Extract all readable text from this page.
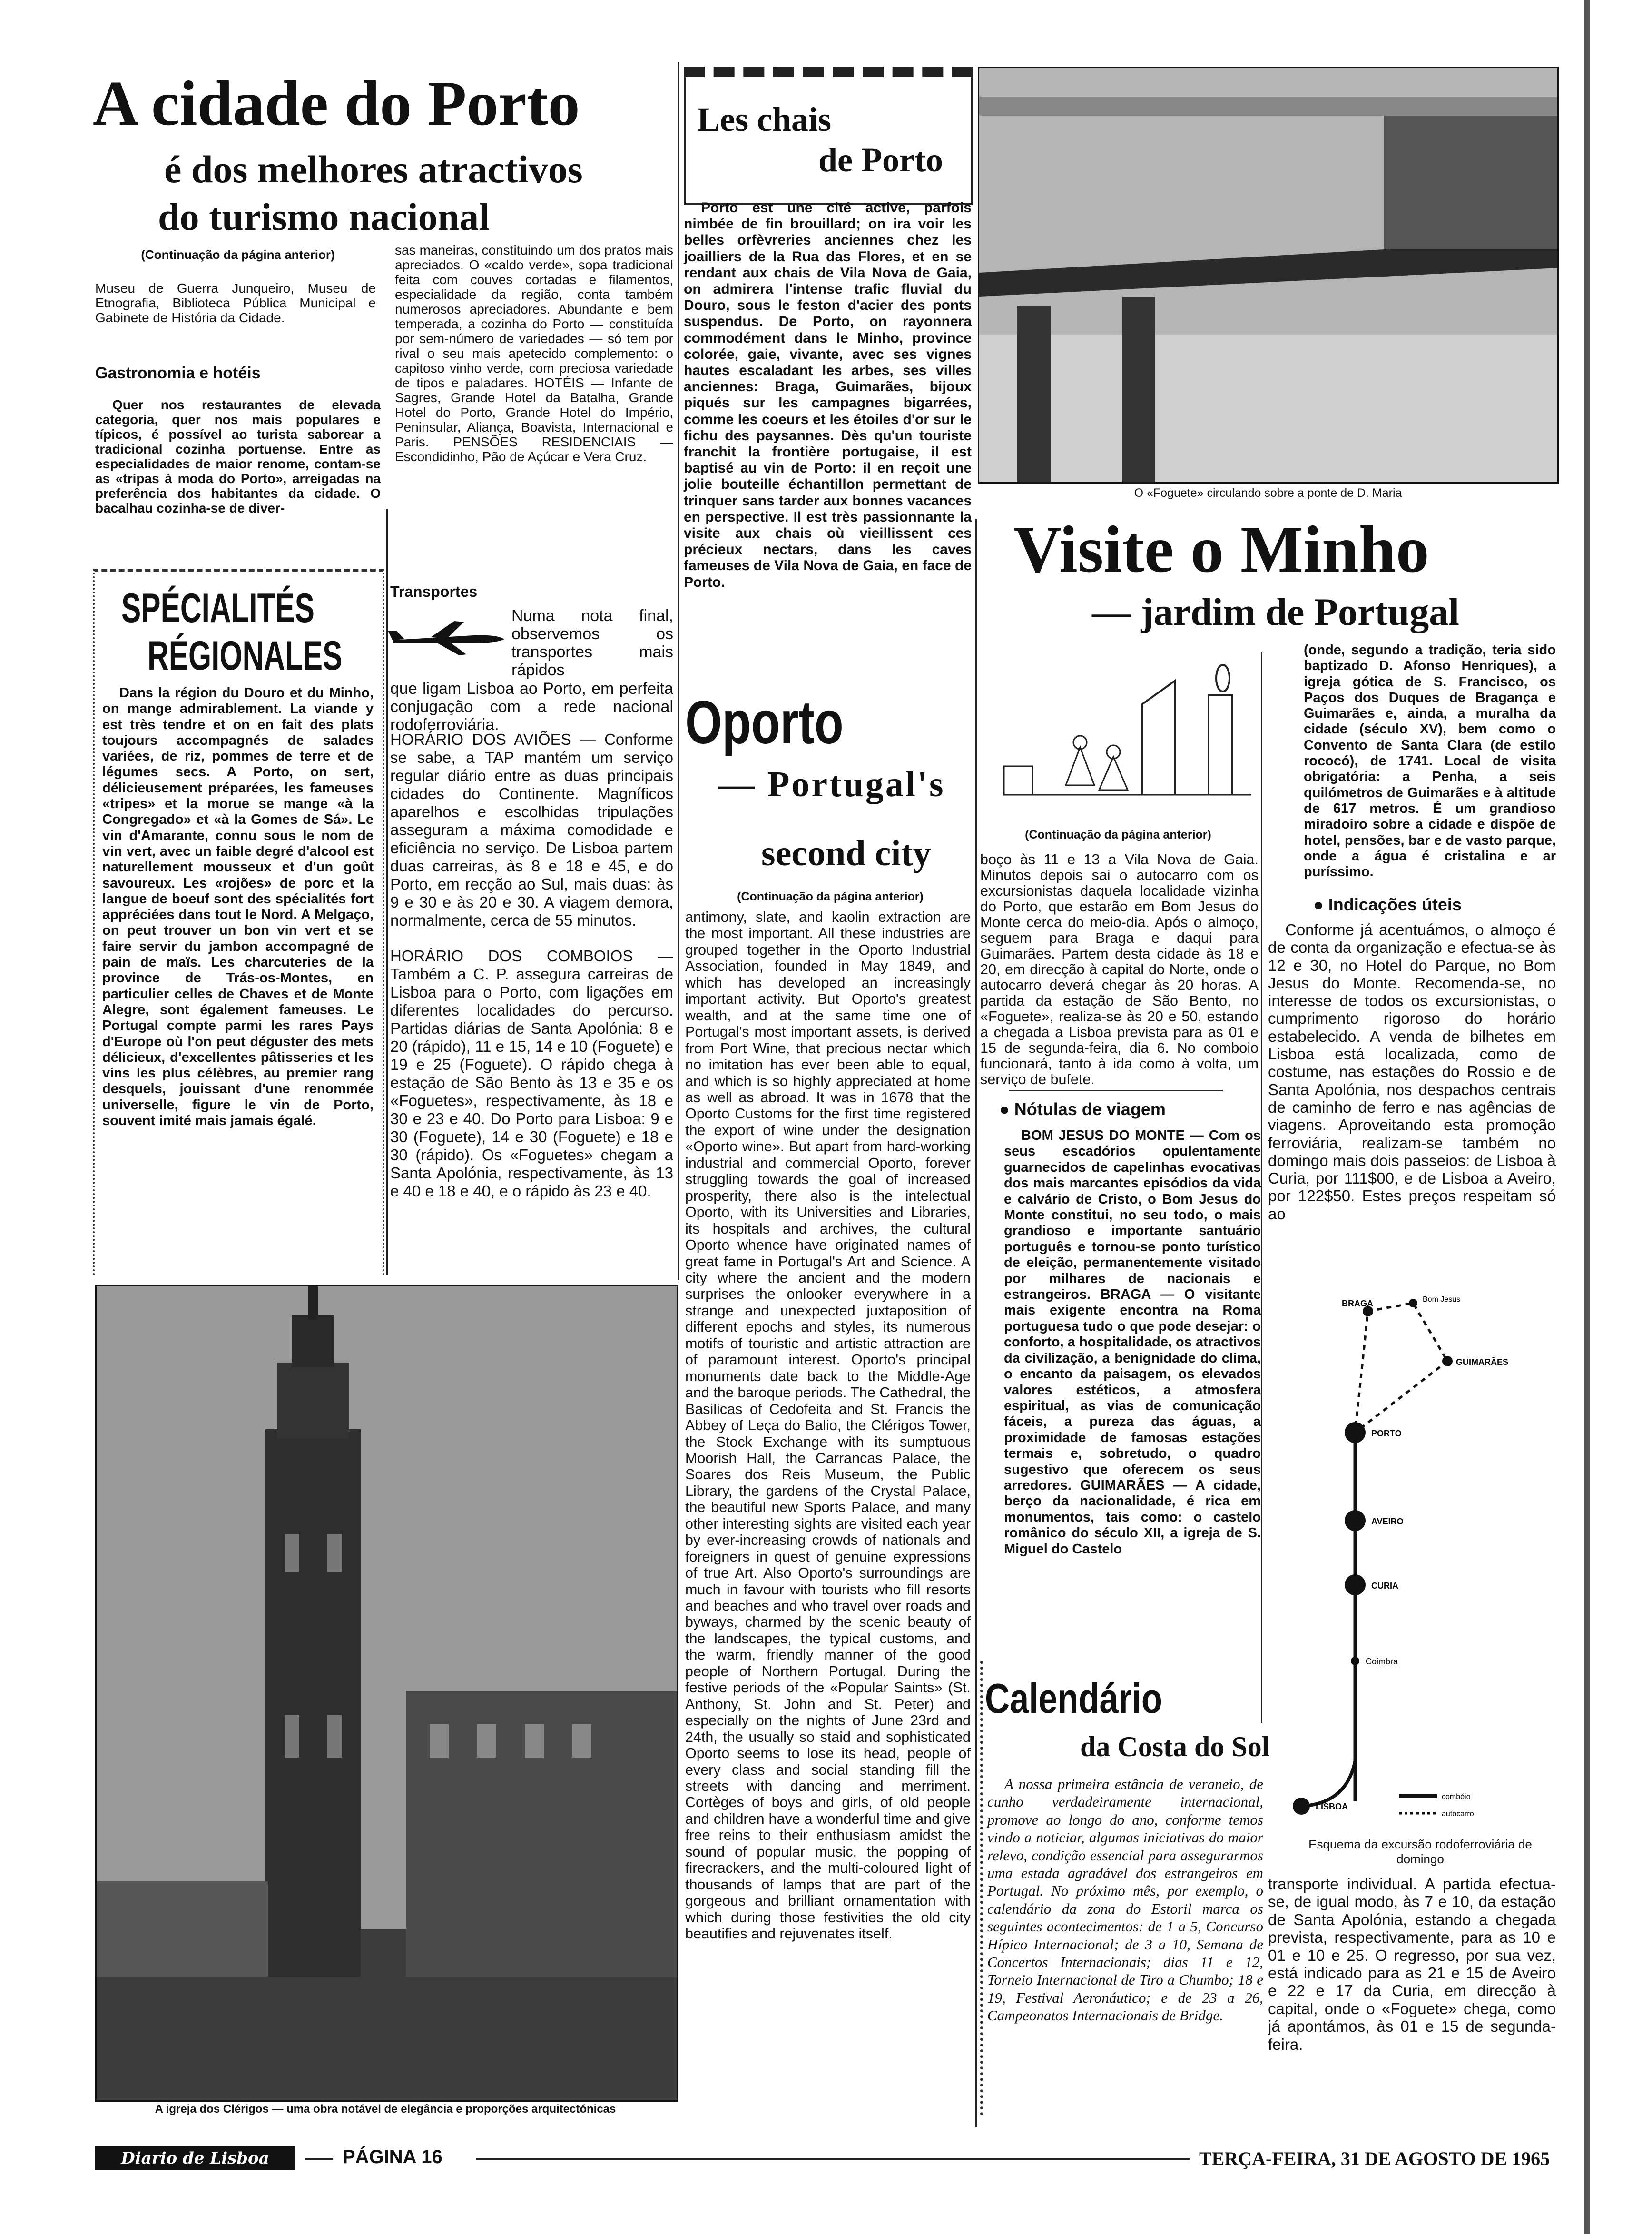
A cidade do Porto
é dos melhores atractivos
do turismo nacional
(Continuação da página anterior)
Museu de Guerra Junqueiro, Museu de Etnografia, Biblioteca Pública Municipal e Gabinete de História da Cidade.
Gastronomia e hotéis
Quer nos restaurantes de elevada categoria, quer nos mais populares e típicos, é possível ao turista saborear a tradicional cozinha portuense. Entre as especialidades de maior renome, contam-se as «tripas à moda do Porto», arreigadas na preferência dos habitantes da cidade. O bacalhau cozinha-se de diver-
sas maneiras, constituindo um dos pratos mais apreciados. O «caldo verde», sopa tradicional feita com couves cortadas e filamentos, especialidade da região, conta também numerosos apreciadores. Abundante e bem temperada, a cozinha do Porto — constituída por sem-número de variedades — só tem por rival o seu mais apetecido complemento: o capitoso vinho verde, com preciosa variedade de tipos e paladares. HOTÉIS — Infante de Sagres, Grande Hotel da Batalha, Grande Hotel do Porto, Grande Hotel do Império, Peninsular, Aliança, Boavista, Internacional e Paris. PENSÕES RESIDENCIAIS — Escondidinho, Pão de Açúcar e Vera Cruz.
Transportes
Numa nota final, observemos os transportes mais rápidos
que ligam Lisboa ao Porto, em perfeita conjugação com a rede nacional rodoferroviária.
HORÁRIO DOS AVIÕES — Conforme se sabe, a TAP mantém um serviço regular diário entre as duas principais cidades do Continente. Magníficos aparelhos e escolhidas tripulações asseguram a máxima comodidade e eficiência no serviço. De Lisboa partem duas carreiras, às 8 e 18 e 45, e do Porto, em recção ao Sul, mais duas: às 9 e 30 e às 20 e 30. A viagem demora, normalmente, cerca de 55 minutos.
HORÁRIO DOS COMBOIOS — Também a C. P. assegura carreiras de Lisboa para o Porto, com ligações em diferentes localidades do percurso. Partidas diárias de Santa Apolónia: 8 e 20 (rápido), 11 e 15, 14 e 10 (Foguete) e 19 e 25 (Foguete). O rápido chega à estação de São Bento às 13 e 35 e os «Foguetes», respectivamente, às 18 e 30 e 23 e 40. Do Porto para Lisboa: 9 e 30 (Foguete), 14 e 30 (Foguete) e 18 e 30 (rápido). Os «Foguetes» chegam a Santa Apolónia, respectivamente, às 13 e 40 e 18 e 40, e o rápido às 23 e 40.
SPÉCIALITÉS
RÉGIONALES
Dans la région du Douro et du Minho, on mange admirablement. La viande y est très tendre et on en fait des plats toujours accompagnés de salades variées, de riz, pommes de terre et de légumes secs. A Porto, on sert, délicieusement préparées, les fameuses «tripes» et la morue se mange «à la Congregado» et «à la Gomes de Sá». Le vin d'Amarante, connu sous le nom de vin vert, avec un faible degré d'alcool est naturellement mousseux et d'un goût savoureux. Les «rojões» de porc et la langue de boeuf sont des spécialités fort appréciées dans tout le Nord. A Melgaço, on peut trouver un bon vin vert et se faire servir du jambon accompagné de pain de maïs. Les charcuteries de la province de Trás-os-Montes, en particulier celles de Chaves et de Monte Alegre, sont également fameuses. Le Portugal compte parmi les rares Pays d'Europe où l'on peut déguster des mets délicieux, d'excellentes pâtisseries et les vins les plus célèbres, au premier rang desquels, jouissant d'une renommée universelle, figure le vin de Porto, souvent imité mais jamais égalé.
Les chais
de Porto
Porto est une cité active, parfois nimbée de fin brouillard; on ira voir les belles orfèvreries anciennes chez les joailliers de la Rua das Flores, et en se rendant aux chais de Vila Nova de Gaia, on admirera l'intense trafic fluvial du Douro, sous le feston d'acier des ponts suspendus. De Porto, on rayonnera commodément dans le Minho, province colorée, gaie, vivante, avec ses vignes hautes escaladant les arbes, ses villes anciennes: Braga, Guimarães, bijoux piqués sur les campagnes bigarrées, comme les coeurs et les étoiles d'or sur le fichu des paysannes. Dès qu'un touriste franchit la frontière portugaise, il est baptisé au vin de Porto: il en reçoit une jolie bouteille échantillon permettant de trinquer sans tarder aux bonnes vacances en perspective. Il est très passionnante la visite aux chais où vieillissent ces précieux nectars, dans les caves fameuses de Vila Nova de Gaia, en face de Porto.
Oporto
— Portugal's
second city
(Continuação da página anterior)
antimony, slate, and kaolin extraction are the most important. All these industries are grouped together in the Oporto Industrial Association, founded in May 1849, and which has developed an increasingly important activity. But Oporto's greatest wealth, and at the same time one of Portugal's most important assets, is derived from Port Wine, that precious nectar which no imitation has ever been able to equal, and which is so highly appreciated at home as well as abroad. It was in 1678 that the Oporto Customs for the first time registered the export of wine under the designation «Oporto wine». But apart from hard-working industrial and commercial Oporto, forever struggling towards the goal of increased prosperity, there also is the intelectual Oporto, with its Universities and Libraries, its hospitals and archives, the cultural Oporto whence have originated names of great fame in Portugal's Art and Science. A city where the ancient and the modern surprises the onlooker everywhere in a strange and unexpected juxtaposition of different epochs and styles, its numerous motifs of touristic and artistic attraction are of paramount interest. Oporto's principal monuments date back to the Middle-Age and the baroque periods. The Cathedral, the Basilicas of Cedofeita and St. Francis the Abbey of Leça do Balio, the Clérigos Tower, the Stock Exchange with its sumptuous Moorish Hall, the Carrancas Palace, the Soares dos Reis Museum, the Public Library, the gardens of the Crystal Palace, the beautiful new Sports Palace, and many other interesting sights are visited each year by ever-increasing crowds of nationals and foreigners in quest of genuine expressions of true Art. Also Oporto's surroundings are much in favour with tourists who fill resorts and beaches and who travel over roads and byways, charmed by the scenic beauty of the landscapes, the typical customs, and the warm, friendly manner of the good people of Northern Portugal. During the festive periods of the «Popular Saints» (St. Anthony, St. John and St. Peter) and especially on the nights of June 23rd and 24th, the usually so staid and sophisticated Oporto seems to lose its head, people of every class and social standing fill the streets with dancing and merriment. Cortèges of boys and girls, of old people and children have a wonderful time and give free reins to their enthusiasm amidst the sound of popular music, the popping of firecrackers, and the multi-coloured light of thousands of lamps that are part of the gorgeous and brilliant ornamentation with which during those festivities the old city beautifies and rejuvenates itself.
A igreja dos Clérigos — uma obra notável de elegância e proporções arquitectónicas
O «Foguete» circulando sobre a ponte de D. Maria
Visite o Minho
— jardim de Portugal
(Continuação da página anterior)
boço às 11 e 13 a Vila Nova de Gaia. Minutos depois sai o autocarro com os excursionistas daquela localidade vizinha do Porto, que estarão em Bom Jesus do Monte cerca do meio-dia. Após o almoço, seguem para Braga e daqui para Guimarães. Partem desta cidade às 18 e 20, em direcção à capital do Norte, onde o autocarro deverá chegar às 20 horas. A partida da estação de São Bento, no «Foguete», realiza-se às 20 e 50, estando a chegada a Lisboa prevista para as 01 e 15 de segunda-feira, dia 6. No comboio funcionará, tanto à ida como à volta, um serviço de bufete.
● Nótulas de viagem
BOM JESUS DO MONTE — Com os seus escadórios opulentamente guarnecidos de capelinhas evocativas dos mais marcantes episódios da vida e calvário de Cristo, o Bom Jesus do Monte constitui, no seu todo, o mais grandioso e importante santuário português e tornou-se ponto turístico de eleição, permanentemente visitado por milhares de nacionais e estrangeiros. BRAGA — O visitante mais exigente encontra na Roma portuguesa tudo o que pode desejar: o conforto, a hospitalidade, os atractivos da civilização, a benignidade do clima, o encanto da paisagem, os elevados valores estéticos, a atmosfera espiritual, as vias de comunicação fáceis, a pureza das águas, a proximidade de famosas estações termais e, sobretudo, o quadro sugestivo que oferecem os seus arredores. GUIMARÃES — A cidade, berço da nacionalidade, é rica em monumentos, tais como: o castelo românico do século XII, a igreja de S. Miguel do Castelo
(onde, segundo a tradição, teria sido baptizado D. Afonso Henriques), a igreja gótica de S. Francisco, os Paços dos Duques de Bragança e Guimarães e, ainda, a muralha da cidade (século XV), bem como o Convento de Santa Clara (de estilo rococó), de 1741. Local de visita obrigatória: a Penha, a seis quilómetros de Guimarães e à altitude de 617 metros. É um grandioso miradoiro sobre a cidade e dispõe de hotel, pensões, bar e de vasto parque, onde a água é cristalina e ar puríssimo.
● Indicações úteis
Conforme já acentuámos, o almoço é de conta da organização e efectua-se às 12 e 30, no Hotel do Parque, no Bom Jesus do Monte. Recomenda-se, no interesse de todos os excursionistas, o cumprimento rigoroso do horário estabelecido. A venda de bilhetes em Lisboa está localizada, como de costume, nas estações do Rossio e de Santa Apolónia, nos despachos centrais de caminho de ferro e nas agências de viagens. Aproveitando esta promoção ferroviária, realizam-se também no domingo mais dois passeios: de Lisboa à Curia, por 111$00, e de Lisboa a Aveiro, por 122$50. Estes preços respeitam só ao
BRAGA	Bom Jesus
GUIMARÃES
PORTO
AVEIRO
CURIA
Coimbra
LISBOA
combóio
autocarro
Esquema da excursão rodoferroviária de domingo
transporte individual. A partida efectua-se, de igual modo, às 7 e 10, da estação de Santa Apolónia, estando a chegada prevista, respectivamente, para as 10 e 01 e 10 e 25. O regresso, por sua vez, está indicado para as 21 e 15 de Aveiro e 22 e 17 da Curia, em direcção à capital, onde o «Foguete» chega, como já apontámos, às 01 e 15 de segunda-feira.
Calendário
da Costa do Sol
A nossa primeira estância de veraneio, de cunho verdadeiramente internacional, promove ao longo do ano, conforme temos vindo a noticiar, algumas iniciativas do maior relevo, condição essencial para assegurarmos uma estada agradável dos estrangeiros em Portugal. No próximo mês, por exemplo, o calendário da zona do Estoril marca os seguintes acontecimentos: de 1 a 5, Concurso Hípico Internacional; de 3 a 10, Semana de Concertos Internacionais; dias 11 e 12, Torneio Internacional de Tiro a Chumbo; 18 e 19, Festival Aeronáutico; e de 23 a 26, Campeonatos Internacionais de Bridge.
Diario de Lisboa	PÁGINA 16	TERÇA-FEIRA, 31 DE AGOSTO DE 1965
